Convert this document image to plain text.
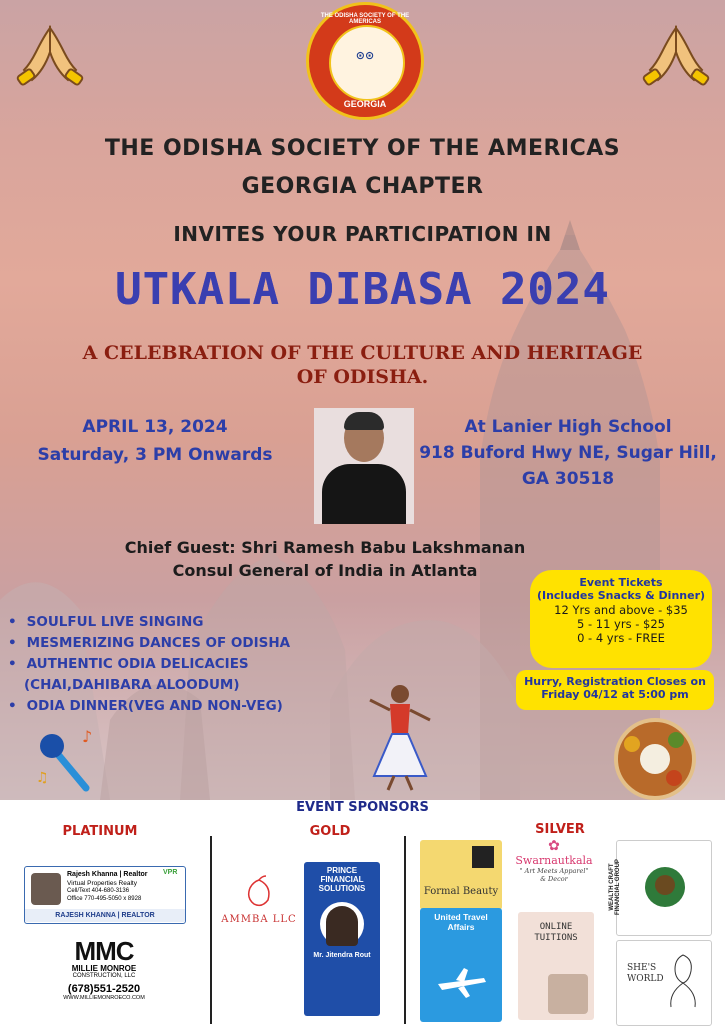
⊙⊙
THE ODISHA SOCIETY OF THE AMERICAS
GEORGIA
THE ODISHA SOCIETY OF THE AMERICAS
GEORGIA CHAPTER
INVITES YOUR PARTICIPATION IN
UTKALA DIBASA 2024
A CELEBRATION OF THE CULTURE AND HERITAGE
OF ODISHA.
APRIL 13, 2024
Saturday, 3 PM Onwards
At Lanier High School
918 Buford Hwy NE, Sugar Hill,
GA 30518
Chief Guest: Shri Ramesh Babu Lakshmanan
Consul General of India in Atlanta
Event Tickets
(Includes Snacks & Dinner)
12 Yrs and above - $35
5 - 11 yrs - $25
0 - 4 yrs - FREE
Hurry, Registration Closes on
Friday 04/12 at 5:00 pm
• SOULFUL LIVE SINGING
• MESMERIZING DANCES OF ODISHA
• AUTHENTIC ODIA DELICACIES
(CHAI,DAHIBARA ALOODUM)
• ODIA DINNER(VEG AND NON-VEG)
♪
♫
EVENT SPONSORS
PLATINUM	GOLD	SILVER
Rajesh Khanna | Realtor
Virtual Properties Realty
Cell/Text 404-680-3136
Office 770-495-5050 x 8928
VPR
RAJESH KHANNA | REALTOR
MMC
MILLIE MONROE
CONSTRUCTION, LLC
(678)551-2520
WWW.MILLIEMONROECO.COM
AMMBA LLC
PRINCE
FINANCIAL
SOLUTIONS
Mr. Jitendra Rout
Formal Beauty
United Travel Affairs
✿
Swarnautkala
" Art Meets Apparel"
& Decor
ONLINE
TUITIONS
WEALTH CRAFT FINANCIAL GROUP
SHE'S
WORLD
